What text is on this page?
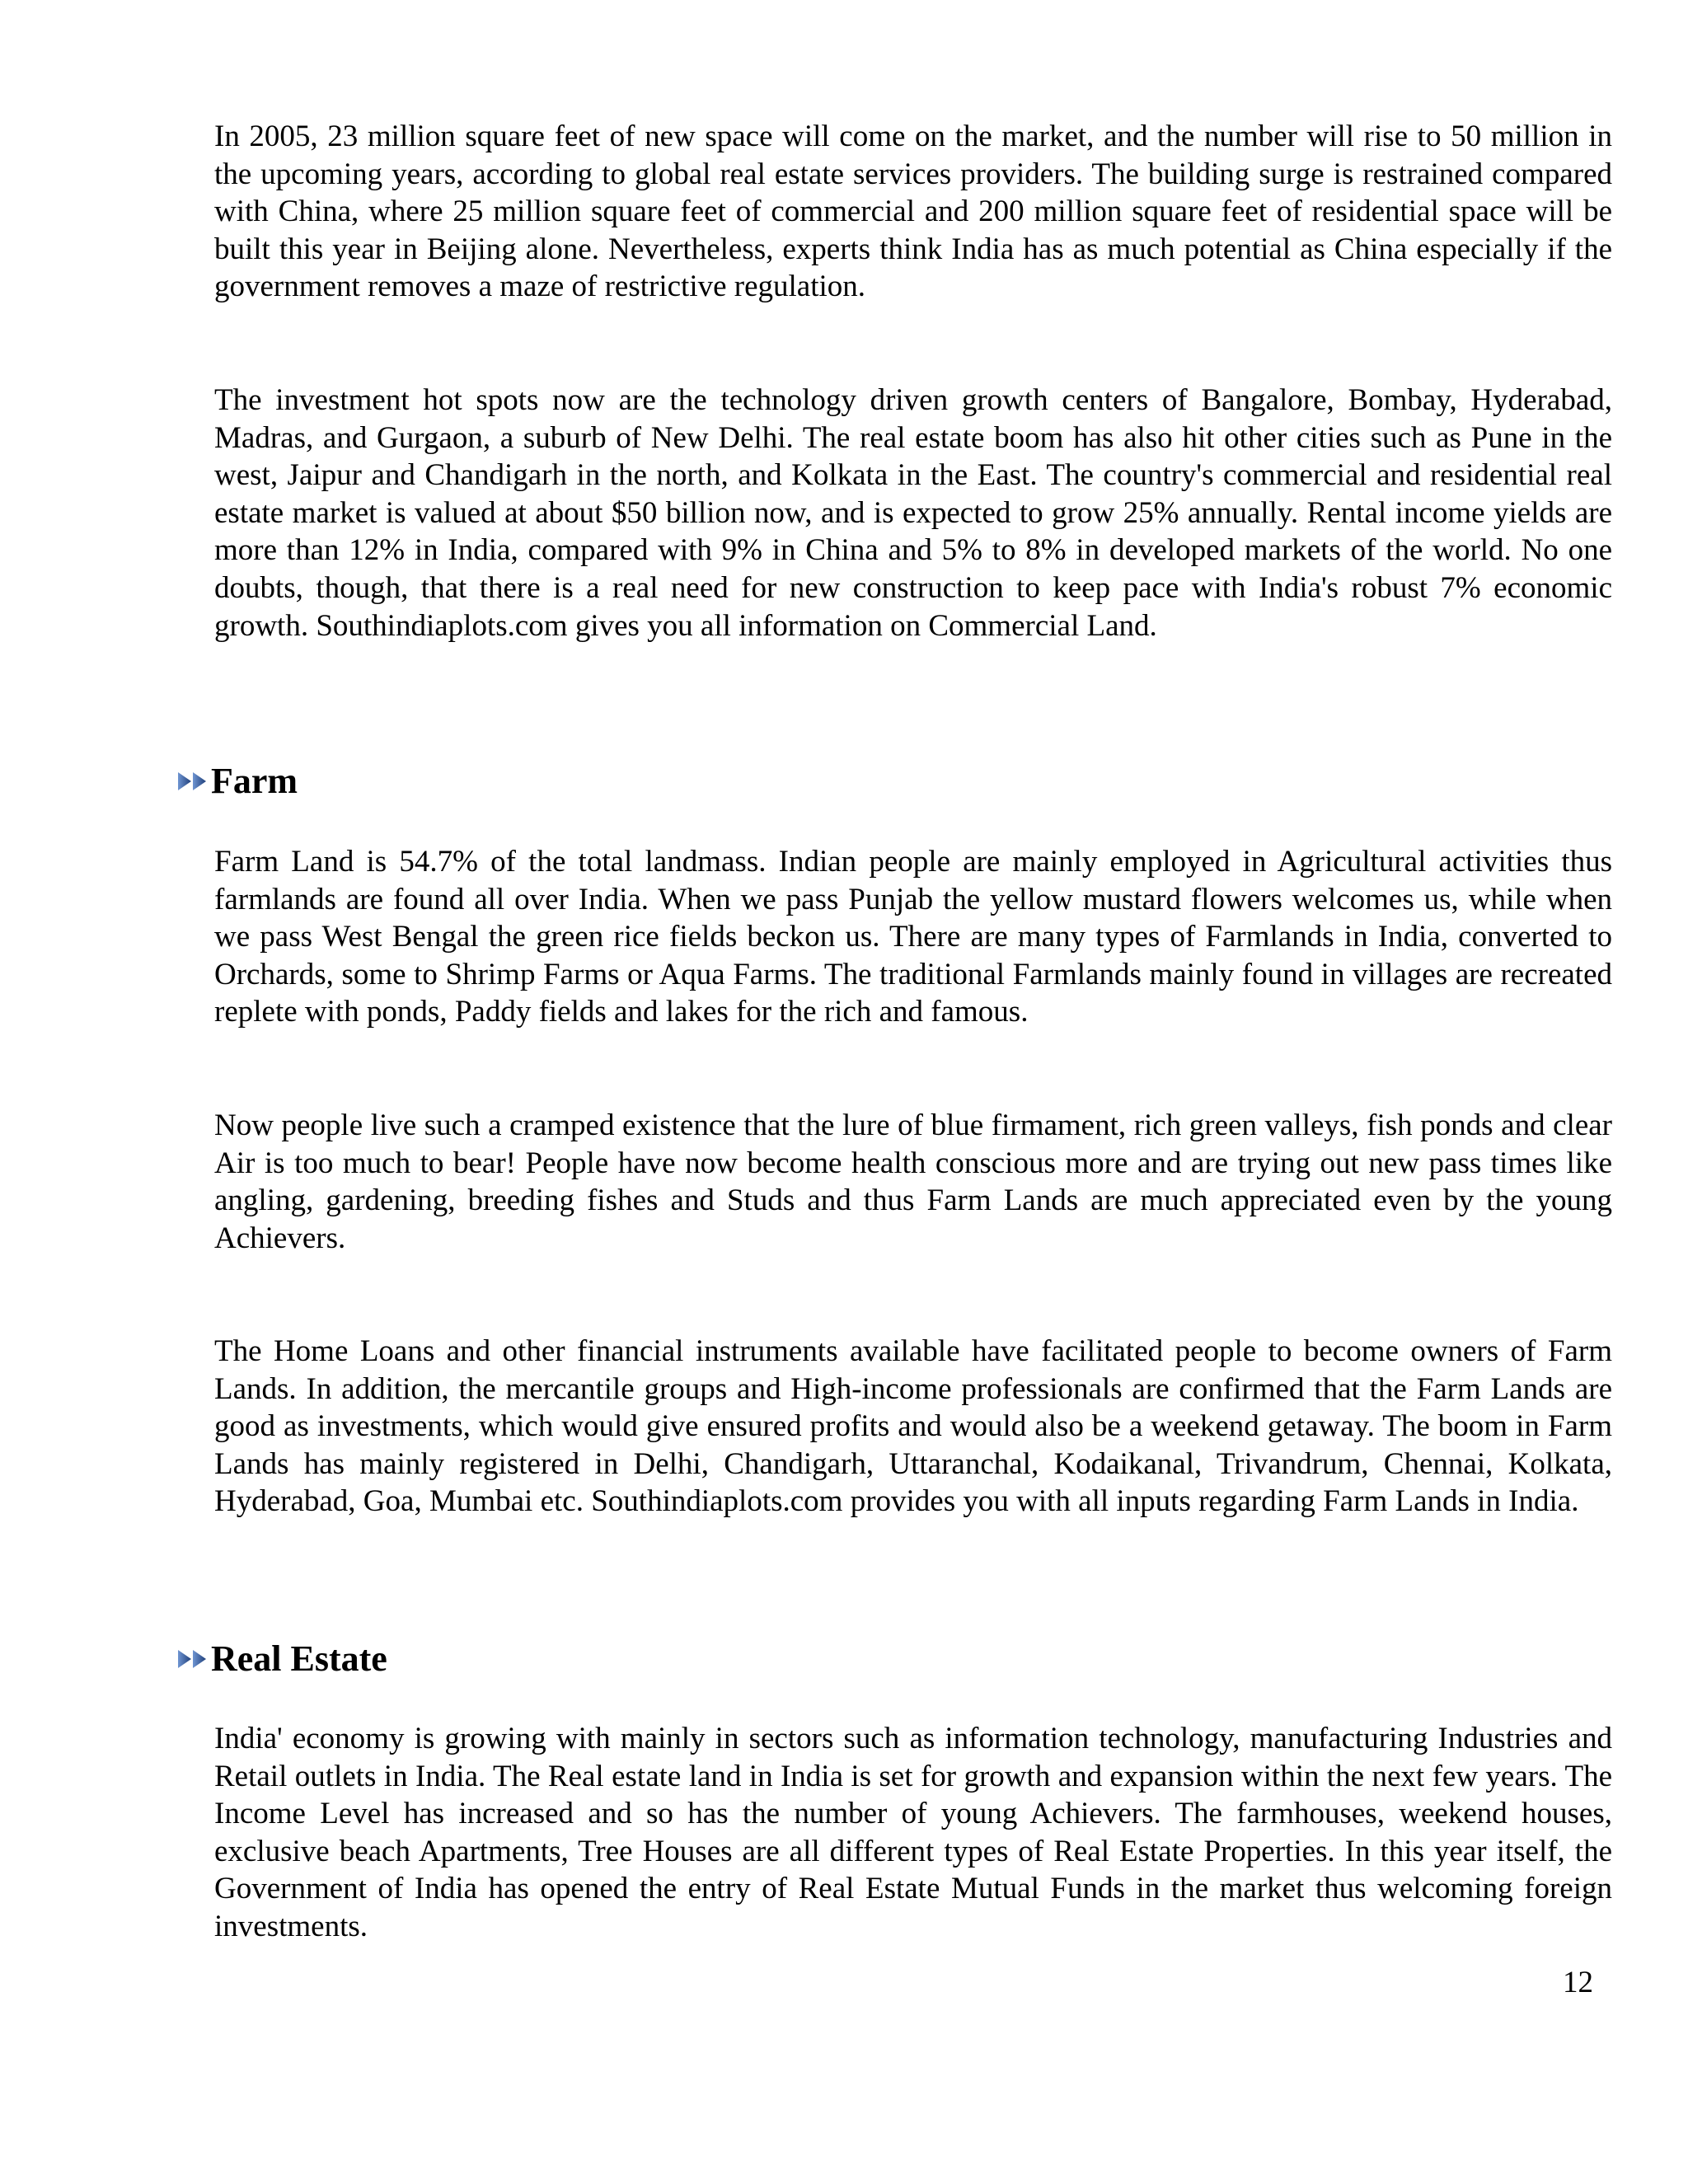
In 2005, 23 million square feet of new space will come on the market, and the number will rise to 50 million in the upcoming years, according to global real estate services providers. The building surge is restrained compared with China, where 25 million square feet of commercial and 200 million square feet of residential space will be built this year in Beijing alone. Nevertheless, experts think India has as much potential as China especially if the government removes a maze of restrictive regulation.

The investment hot spots now are the technology driven growth centers of Bangalore, Bombay, Hyderabad, Madras, and Gurgaon, a suburb of New Delhi. The real estate boom has also hit other cities such as Pune in the west, Jaipur and Chandigarh in the north, and Kolkata in the East. The country's commercial and residential real estate market is valued at about $50 billion now, and is expected to grow 25% annually. Rental income yields are more than 12% in India, compared with 9% in China and 5% to 8% in developed markets of the world. No one doubts, though, that there is a real need for new construction to keep pace with India's robust 7% economic growth. Southindiaplots.com gives you all information on Commercial Land.

Farm

Farm Land is 54.7% of the total landmass. Indian people are mainly employed in Agricultural activities thus farmlands are found all over India. When we pass Punjab the yellow mustard flowers welcomes us, while when we pass West Bengal the green rice fields beckon us. There are many types of Farmlands in India, converted to Orchards, some to Shrimp Farms or Aqua Farms. The traditional Farmlands mainly found in villages are recreated replete with ponds, Paddy fields and lakes for the rich and famous.

Now people live such a cramped existence that the lure of blue firmament, rich green valleys, fish ponds and clear Air is too much to bear! People have now become health conscious more and are trying out new pass times like angling, gardening, breeding fishes and Studs and thus Farm Lands are much appreciated even by the young Achievers.

The Home Loans and other financial instruments available have facilitated people to become owners of Farm Lands. In addition, the mercantile groups and High-income professionals are confirmed that the Farm Lands are good as investments, which would give ensured profits and would also be a weekend getaway. The boom in Farm Lands has mainly registered in Delhi, Chandigarh, Uttaranchal, Kodaikanal, Trivandrum, Chennai, Kolkata, Hyderabad, Goa, Mumbai etc. Southindiaplots.com provides you with all inputs regarding Farm Lands in India.

Real Estate

India' economy is growing with mainly in sectors such as information technology, manufacturing Industries and Retail outlets in India. The Real estate land in India is set for growth and expansion within the next few years. The Income Level has increased and so has the number of young Achievers. The farmhouses, weekend houses, exclusive beach Apartments, Tree Houses are all different types of Real Estate Properties. In this year itself, the Government of India has opened the entry of Real Estate Mutual Funds in the market thus welcoming foreign investments.

12
